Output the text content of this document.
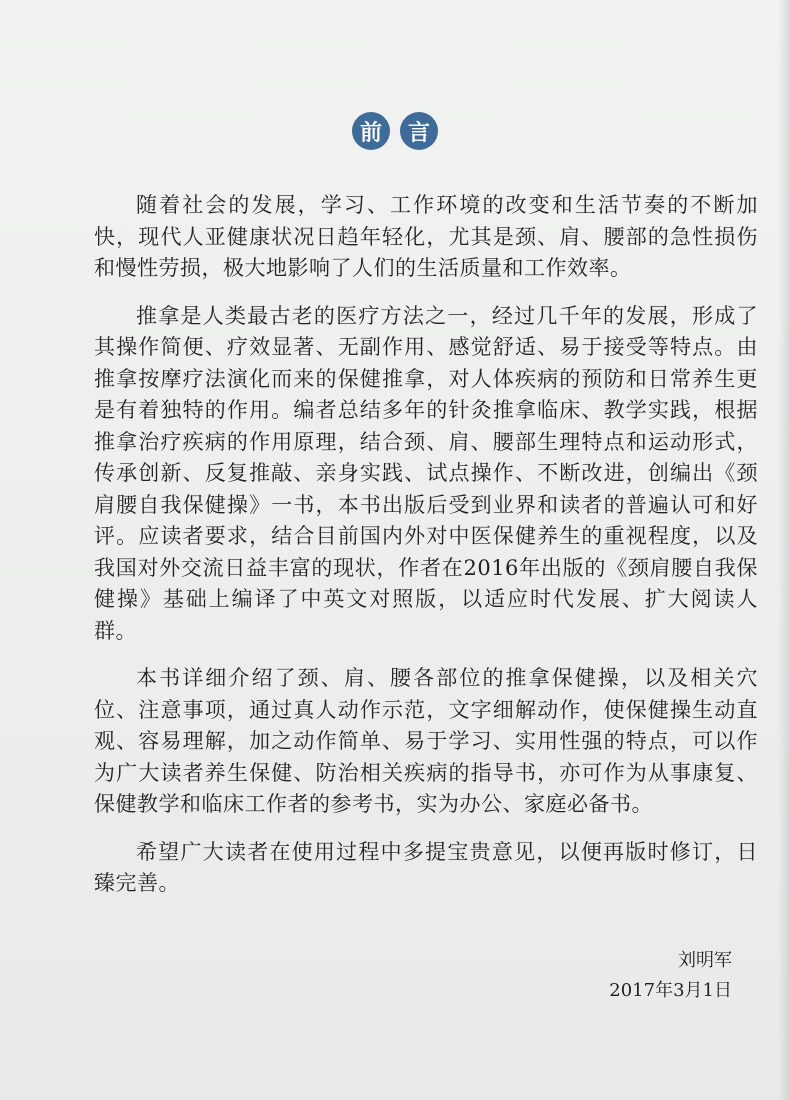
前	言

随着社会的发展，学习、工作环境的改变和生活节奏的不断加快，现代人亚健康状况日趋年轻化，尤其是颈、肩、腰部的急性损伤和慢性劳损，极大地影响了人们的生活质量和工作效率。

推拿是人类最古老的医疗方法之一，经过几千年的发展，形成了其操作简便、疗效显著、无副作用、感觉舒适、易于接受等特点。由推拿按摩疗法演化而来的保健推拿，对人体疾病的预防和日常养生更是有着独特的作用。编者总结多年的针灸推拿临床、教学实践，根据推拿治疗疾病的作用原理，结合颈、肩、腰部生理特点和运动形式，传承创新、反复推敲、亲身实践、试点操作、不断改进，创编出《颈肩腰自我保健操》一书，本书出版后受到业界和读者的普遍认可和好评。应读者要求，结合目前国内外对中医保健养生的重视程度，以及我国对外交流日益丰富的现状，作者在2016年出版的《颈肩腰自我保健操》基础上编译了中英文对照版，以适应时代发展、扩大阅读人群。

本书详细介绍了颈、肩、腰各部位的推拿保健操，以及相关穴位、注意事项，通过真人动作示范，文字细解动作，使保健操生动直观、容易理解，加之动作简单、易于学习、实用性强的特点，可以作为广大读者养生保健、防治相关疾病的指导书，亦可作为从事康复、保健教学和临床工作者的参考书，实为办公、家庭必备书。

希望广大读者在使用过程中多提宝贵意见，以便再版时修订，日臻完善。

刘明军
2017年3月1日
